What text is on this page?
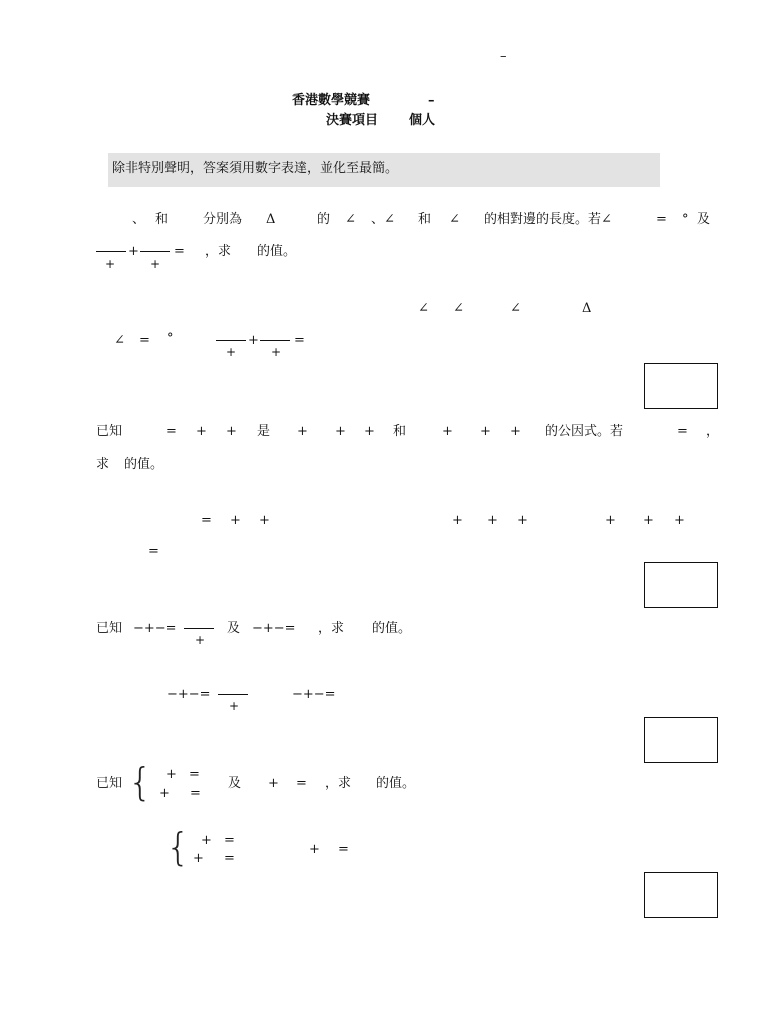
–
香港數學競賽	–
決賽項目 個人
除非特別聲明，答案須用數字表達，並化至最簡。
、 和	分別為 Δ	的 ∠ 、∠ 和 ∠ 的相對邊的長度。若∠	= ° 及
+	= ，求 的值。
+	+
∠ ∠	∠	Δ
∠ = °	+	=
+	+
已知	= + + 是 + + + 和	+ + + 的公因式。若	= ，
求 的值。
= + +	+ + +	+ + +
=
已知 −+−=
+
及 −+−= ，求 的值。
−+−=
+
−+−=
已知 { + =
+ =
及 + = ，求 的值。
{ + =
+ =
+ =
